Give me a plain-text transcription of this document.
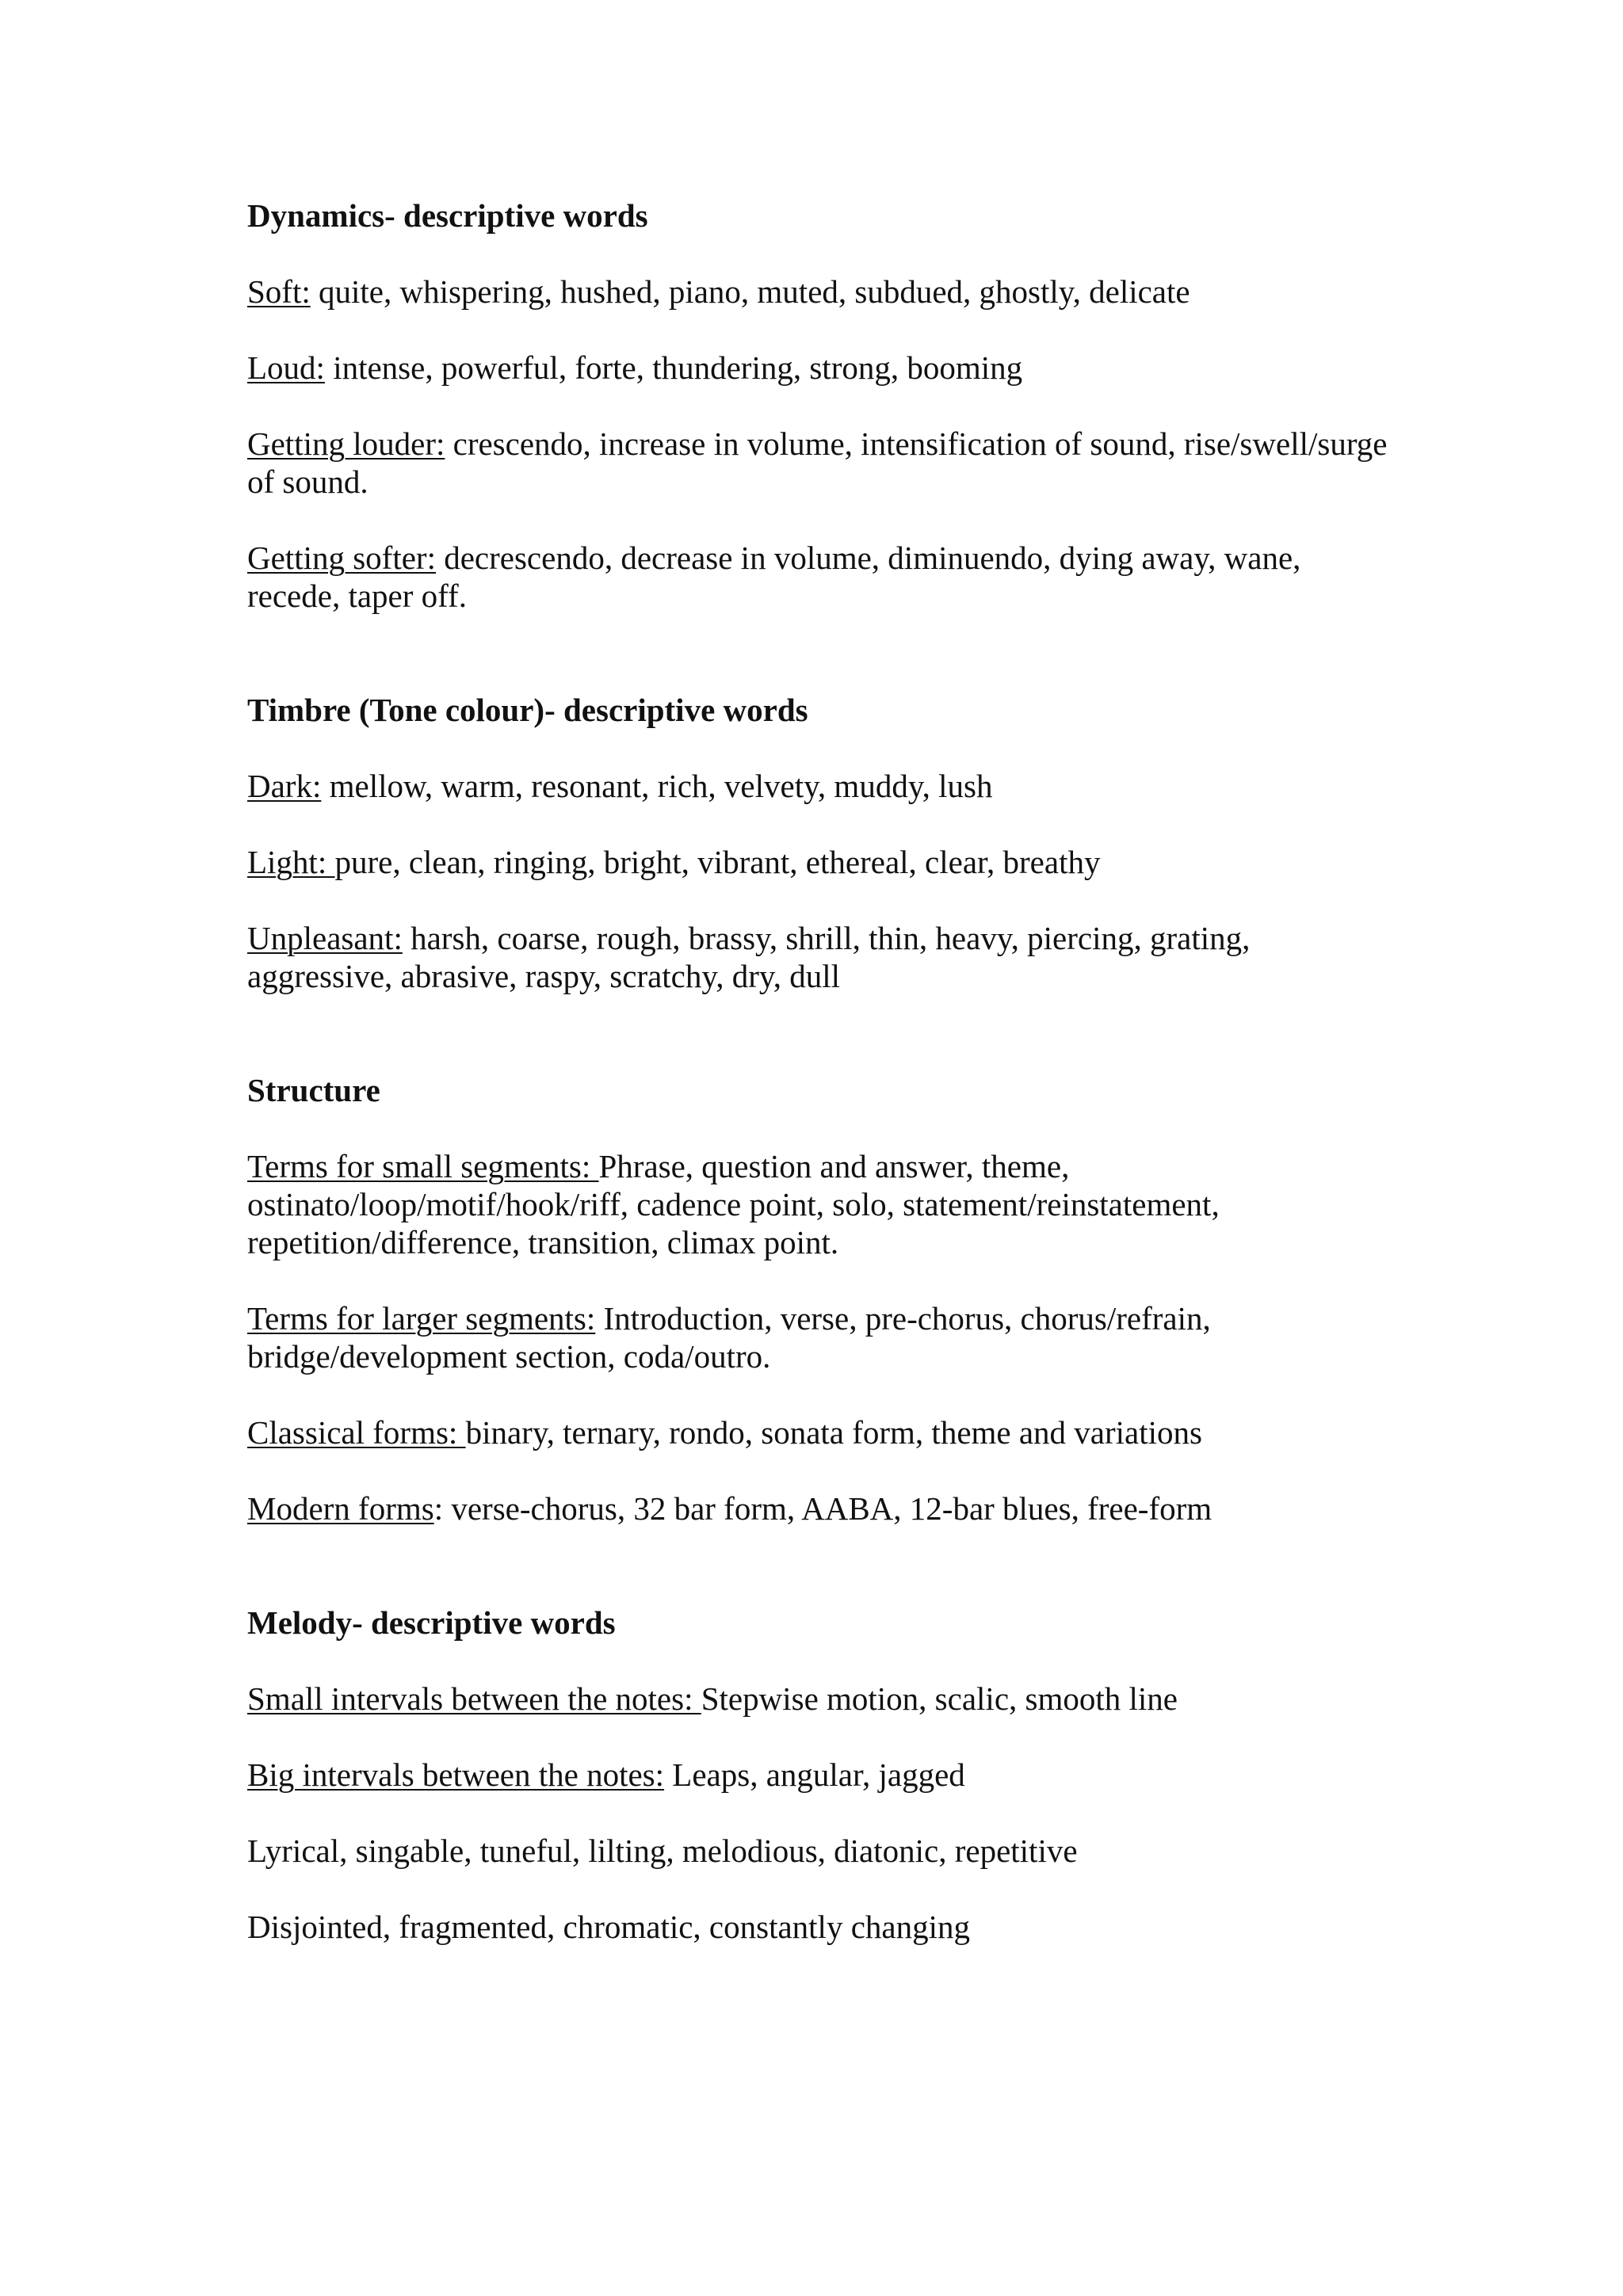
Dynamics- descriptive words

Soft: quite, whispering, hushed, piano, muted, subdued, ghostly, delicate

Loud: intense, powerful, forte, thundering, strong, booming

Getting louder: crescendo, increase in volume, intensification of sound, rise/swell/surge of sound.

Getting softer: decrescendo, decrease in volume, diminuendo, dying away, wane, recede, taper off.

Timbre (Tone colour)- descriptive words

Dark: mellow, warm, resonant, rich, velvety, muddy, lush

Light: pure, clean, ringing, bright, vibrant, ethereal, clear, breathy

Unpleasant: harsh, coarse, rough, brassy, shrill, thin, heavy, piercing, grating, aggressive, abrasive, raspy, scratchy, dry, dull

Structure

Terms for small segments: Phrase, question and answer, theme, ostinato/loop/motif/hook/riff, cadence point, solo, statement/reinstatement, repetition/difference, transition, climax point.

Terms for larger segments: Introduction, verse, pre-chorus, chorus/refrain, bridge/development section, coda/outro.

Classical forms: binary, ternary, rondo, sonata form, theme and variations

Modern forms: verse-chorus, 32 bar form, AABA, 12-bar blues, free-form

Melody- descriptive words

Small intervals between the notes: Stepwise motion, scalic, smooth line

Big intervals between the notes: Leaps, angular, jagged

Lyrical, singable, tuneful, lilting, melodious, diatonic, repetitive

Disjointed, fragmented, chromatic, constantly changing
